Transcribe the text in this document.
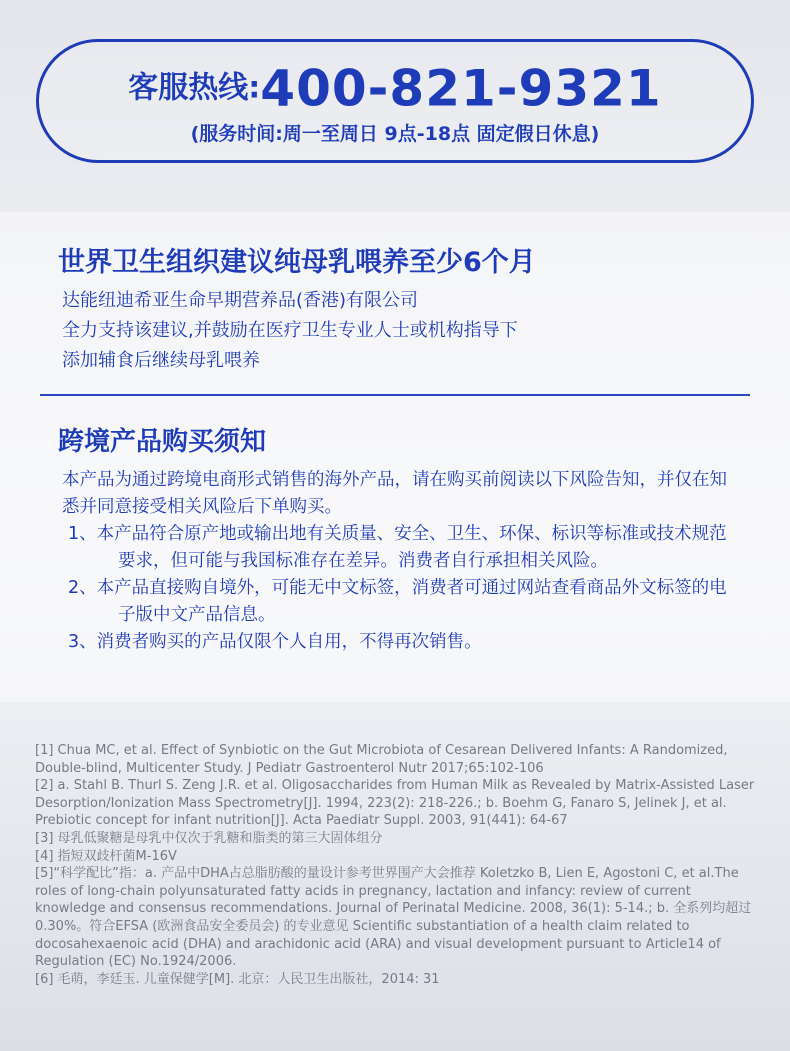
客服热线:400-821-9321
(服务时间:周一至周日 9点-18点 固定假日休息)
世界卫生组织建议纯母乳喂养至少6个月
达能纽迪希亚生命早期营养品(香港)有限公司
全力支持该建议,并鼓励在医疗卫生专业人士或机构指导下
添加辅食后继续母乳喂养
跨境产品购买须知

本产品为通过跨境电商形式销售的海外产品，请在购买前阅读以下风险告知，并仅在知悉并同意接受相关风险后下单购买。

1、本产品符合原产地或输出地有关质量、安全、卫生、环保、标识等标准或技术规范要求，但可能与我国标准存在差异。消费者自行承担相关风险。

2、本产品直接购自境外，可能无中文标签，消费者可通过网站查看商品外文标签的电子版中文产品信息。

3、消费者购买的产品仅限个人自用，不得再次销售。

[1] Chua MC, et al. Effect of Synbiotic on the Gut Microbiota of Cesarean Delivered Infants: A Randomized, Double-blind, Multicenter Study. J Pediatr Gastroenterol Nutr 2017;65:102-106

[2] a. Stahl B. Thurl S. Zeng J.R. et al. Oligosaccharides from Human Milk as Revealed by Matrix-Assisted Laser Desorption/Ionization Mass Spectrometry[J]. 1994, 223(2): 218-226.; b. Boehm G, Fanaro S, Jelinek J, et al. Prebiotic concept for infant nutrition[J]. Acta Paediatr Suppl. 2003, 91(441): 64-67

[3] 母乳低聚糖是母乳中仅次于乳糖和脂类的第三大固体组分

[4] 指短双歧杆菌M-16V

[5]“科学配比”指：a. 产品中DHA占总脂肪酸的量设计参考世界围产大会推荐 Koletzko B, Lien E, Agostoni C, et al.The roles of long-chain polyunsaturated fatty acids in pregnancy, lactation and infancy: review of current knowledge and consensus recommendations. Journal of Perinatal Medicine. 2008, 36(1): 5-14.; b. 全系列均超过0.30%。符合EFSA (欧洲食品安全委员会) 的专业意见 Scientific substantiation of a health claim related to docosahexaenoic acid (DHA) and arachidonic acid (ARA) and visual development pursuant to Article14 of Regulation (EC) No.1924/2006.

[6] 毛萌，李廷玉. 儿童保健学[M]. 北京：人民卫生出版社，2014: 31
